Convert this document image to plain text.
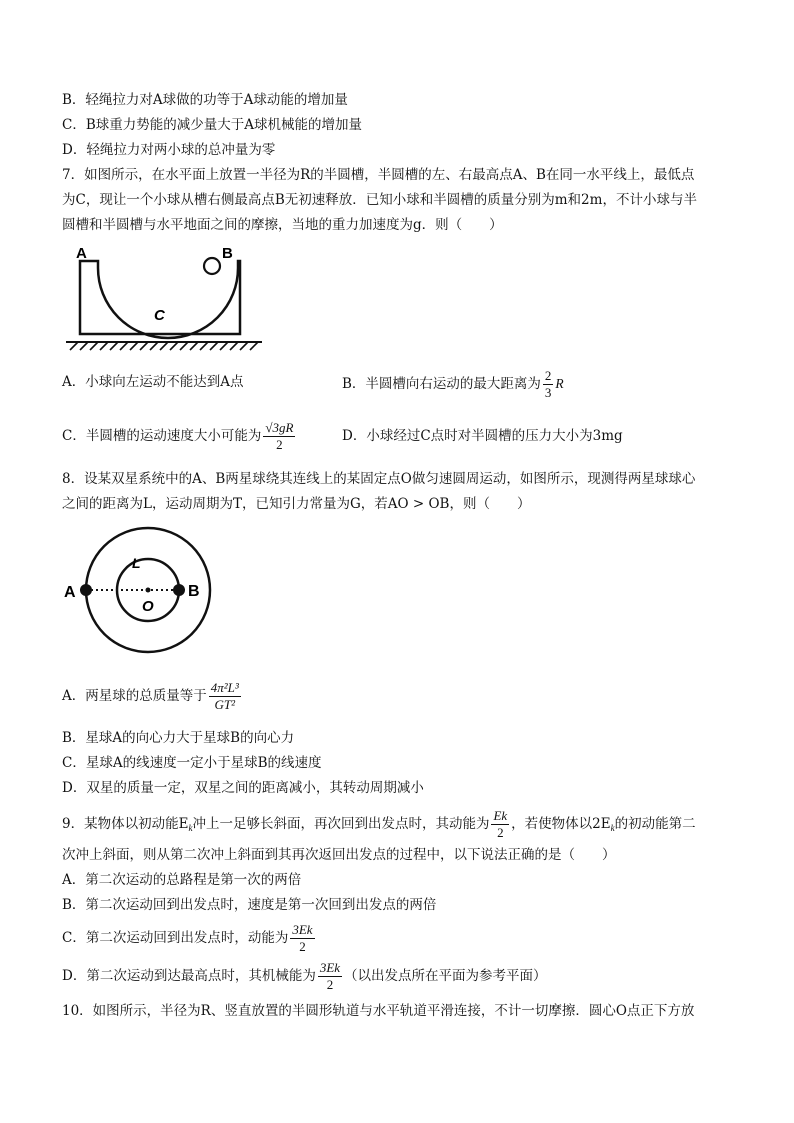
B．轻绳拉力对A球做的功等于A球动能的增加量
C．B球重力势能的减少量大于A球机械能的增加量
D．轻绳拉力对两小球的总冲量为零
7．如图所示，在水平面上放置一半径为R的半圆槽，半圆槽的左、右最高点A、B在同一水平线上，最低点
为C，现让一个小球从槽右侧最高点B无初速释放．已知小球和半圆槽的质量分别为m和2m，不计小球与半
圆槽和半圆槽与水平地面之间的摩擦，当地的重力加速度为g．则（　　）
A	B
C
A．小球向左运动不能达到A点	B．半圆槽向右运动的最大距离为 $\frac{2}{3}$ R
C．半圆槽的运动速度大小可能为 $\frac{√3gR}{2}$	D．小球经过C点时对半圆槽的压力大小为3mg
8．设某双星系统中的A、B两星球绕其连线上的某固定点O做匀速圆周运动，如图所示，现测得两星球球心
之间的距离为L，运动周期为T，已知引力常量为G，若AO > OB，则（　　）
A	B
O
L
A．两星球的总质量等于 $\frac{\text{4π²L³}}{\text{GT²}}$
B．星球A的向心力大于星球B的向心力
C．星球A的线速度一定小于星球B的线速度
D．双星的质量一定，双星之间的距离减小，其转动周期减小
9．某物体以初动能$E_k$冲上一足够长斜面，再次回到出发点时，其动能为 $\frac{Ek}{2}$ ，若使物体以$2E_k$的初动能第二
次冲上斜面，则从第二次冲上斜面到其再次返回出发点的过程中，以下说法正确的是（　　）
A．第二次运动的总路程是第一次的两倍
B．第二次运动回到出发点时，速度是第一次回到出发点的两倍
C．第二次运动回到出发点时，动能为 $\frac{3Ek}{2}$
D．第二次运动到达最高点时，其机械能为 $\frac{3Ek}{2}$ （以出发点所在平面为参考平面）
10．如图所示，半径为R、竖直放置的半圆形轨道与水平轨道平滑连接，不计一切摩擦．圆心O点正下方放
